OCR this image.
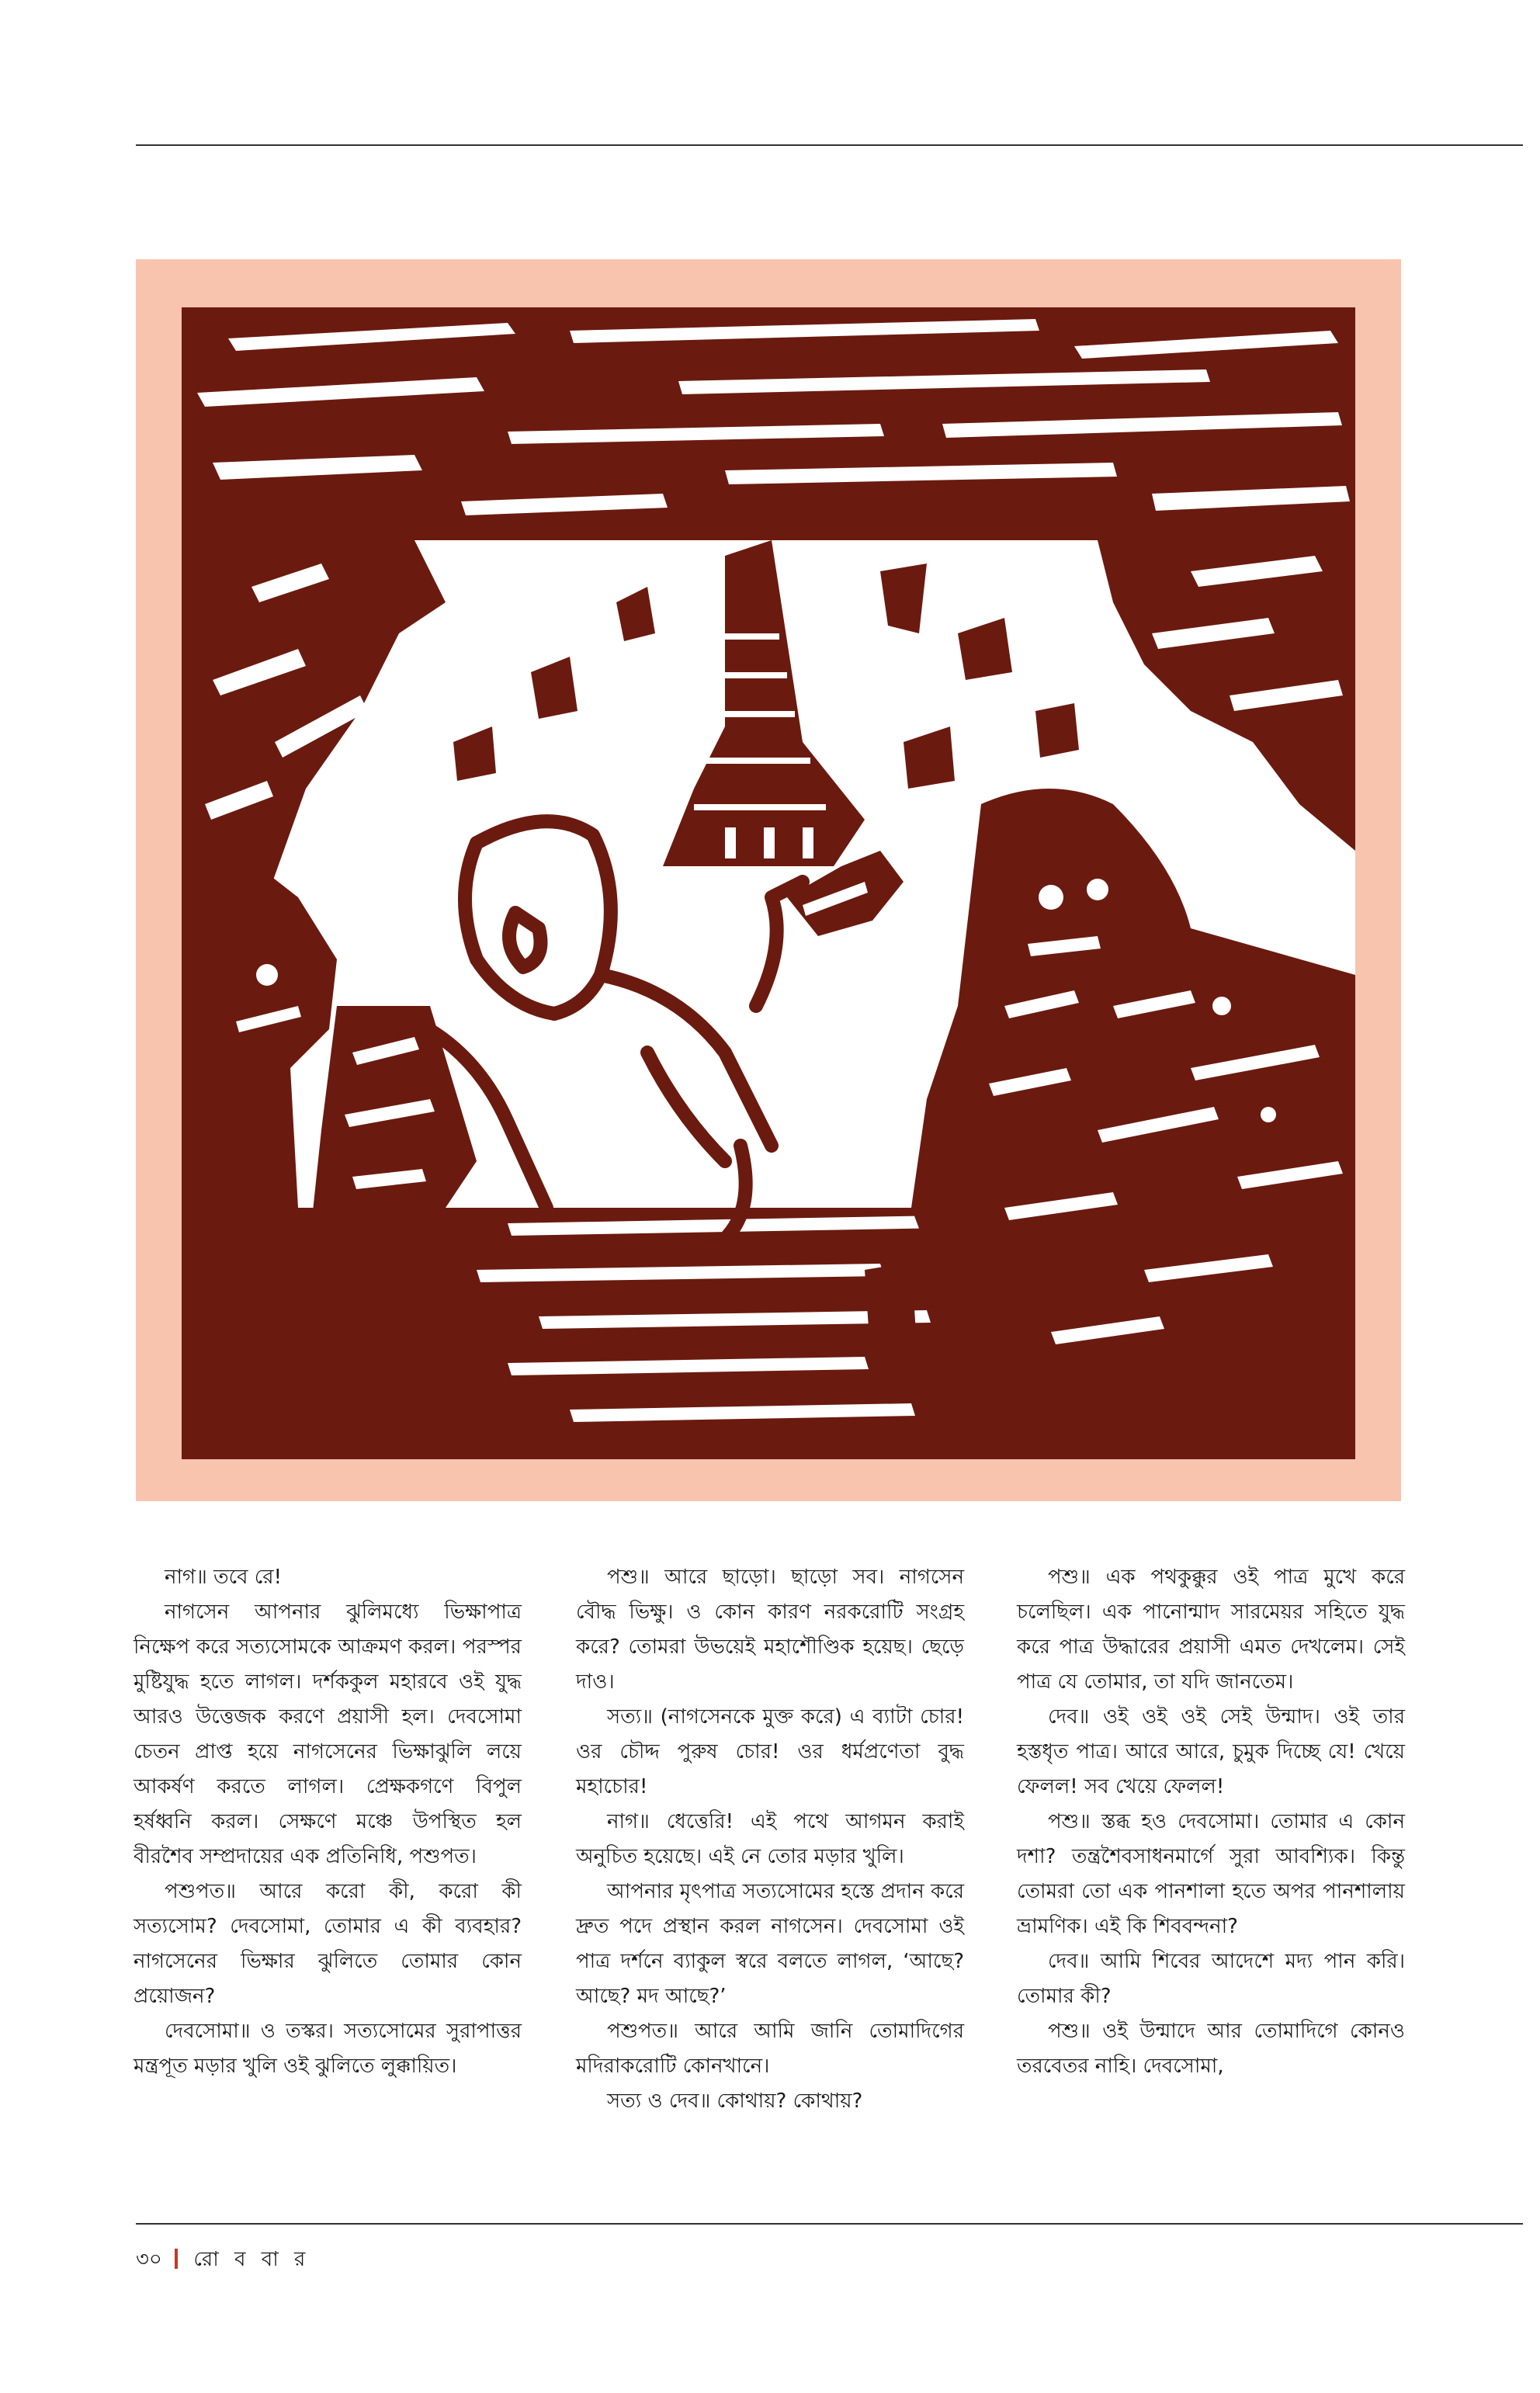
নাগ॥ তবে রে!

নাগসেন আপনার ঝুলিমধ্যে ভিক্ষাপাত্র নিক্ষেপ করে সত্যসোমকে আক্রমণ করল। পরস্পর মুষ্টিযুদ্ধ হতে লাগল। দর্শককুল মহারবে ওই যুদ্ধ আরও উত্তেজক করণে প্রয়াসী হল। দেবসোমা চেতন প্রাপ্ত হয়ে নাগসেনের ভিক্ষাঝুলি লয়ে আকর্ষণ করতে লাগল। প্রেক্ষকগণে বিপুল হর্ষধ্বনি করল। সেক্ষণে মঞ্চে উপস্থিত হল বীরশৈব সম্প্রদায়ের এক প্রতিনিধি, পশুপত।

পশুপত॥ আরে করো কী, করো কী সত্যসোম? দেবসোমা, তোমার এ কী ব্যবহার? নাগসেনের ভিক্ষার ঝুলিতে তোমার কোন প্রয়োজন?

দেবসোমা॥ ও তস্কর। সত্যসোমের সুরাপাত্তর মন্ত্রপূত মড়ার খুলি ওই ঝুলিতে লুক্কায়িত।

পশু॥ আরে ছাড়ো। ছাড়ো সব। নাগসেন বৌদ্ধ ভিক্ষু। ও কোন কারণ নরকরোটি সংগ্রহ করে? তোমরা উভয়েই মহাশৌণ্ডিক হয়েছ। ছেড়ে দাও।

সত্য॥ (নাগসেনকে মুক্ত করে) এ ব্যাটা চোর! ওর চৌদ্দ পুরুষ চোর! ওর ধর্মপ্রণেতা বুদ্ধ মহাচোর!

নাগ॥ ধেত্তেরি! এই পথে আগমন করাই অনুচিত হয়েছে। এই নে তোর মড়ার খুলি।

আপনার মৃৎপাত্র সত্যসোমের হস্তে প্রদান করে দ্রুত পদে প্রস্থান করল নাগসেন। দেবসোমা ওই পাত্র দর্শনে ব্যাকুল স্বরে বলতে লাগল, ‘আছে? আছে? মদ আছে?’

পশুপত॥ আরে আমি জানি তোমাদিগের মদিরাকরোটি কোনখানে।

সত্য ও দেব॥ কোথায়? কোথায়?

পশু॥ এক পথকুক্কুর ওই পাত্র মুখে করে চলেছিল। এক পানোন্মাদ সারমেয়র সহিতে যুদ্ধ করে পাত্র উদ্ধারের প্রয়াসী এমত দেখলেম। সেই পাত্র যে তোমার, তা যদি জানতেম।

দেব॥ ওই ওই ওই সেই উন্মাদ। ওই তার হস্তধৃত পাত্র। আরে আরে, চুমুক দিচ্ছে যে! খেয়ে ফেলল! সব খেয়ে ফেলল!

পশু॥ স্তব্ধ হও দেবসোমা। তোমার এ কোন দশা? তন্ত্রশৈবসাধনমার্গে সুরা আবশ্যিক। কিন্তু তোমরা তো এক পানশালা হতে অপর পানশালায় ভ্রামণিক। এই কি শিববন্দনা?

দেব॥ আমি শিবের আদেশে মদ্য পান করি। তোমার কী?

পশু॥ ওই উন্মাদে আর তোমাদিগে কোনও তরবেতর নাহি। দেবসোমা,

৩০ রো ব বা র
